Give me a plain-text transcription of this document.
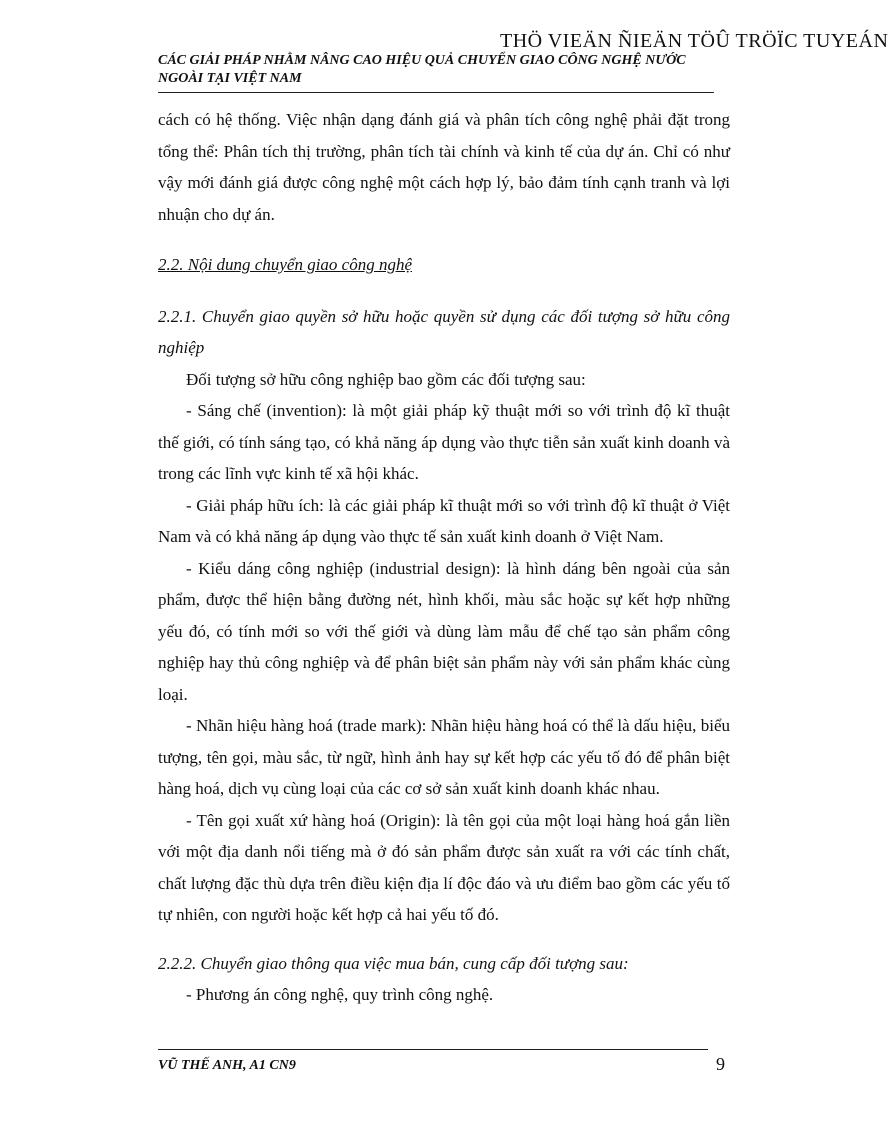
THÖ VIEÄN ÑIEÄN TÖÛ TRÖÏC TUYEÁN
CÁC GIẢI PHÁP NHẰM NÂNG CAO HIỆU QUẢ CHUYỂN GIAO CÔNG NGHỆ NƯỚC
NGOÀI TẠI VIỆT NAM

cách có hệ thống. Việc nhận dạng đánh giá và phân tích công nghệ phải đặt trong tổng thể: Phân tích thị trường, phân tích tài chính và kinh tế của dự án. Chỉ có như vậy mới đánh giá được công nghệ một cách hợp lý, bảo đảm tính cạnh tranh và lợi nhuận cho dự án.

2.2. Nội dung chuyển giao công nghệ

2.2.1. Chuyển giao quyền sở hữu hoặc quyền sử dụng các đối tượng sở hữu công nghiệp

Đối tượng sở hữu công nghiệp bao gồm các đối tượng sau:

- Sáng chế (invention): là một giải pháp kỹ thuật mới so với trình độ kĩ thuật thế giới, có tính sáng tạo, có khả năng áp dụng vào thực tiễn sản xuất kinh doanh và trong các lĩnh vực kinh tế xã hội khác.

- Giải pháp hữu ích: là các giải pháp kĩ thuật mới so với trình độ kĩ thuật ở Việt Nam và có khả năng áp dụng vào thực tế sản xuất kinh doanh ở Việt Nam.

- Kiểu dáng công nghiệp (industrial design): là hình dáng bên ngoài của sản phẩm, được thể hiện bằng đường nét, hình khối, màu sắc hoặc sự kết hợp những yếu đó, có tính mới so với thế giới và dùng làm mẫu để chế tạo sản phẩm công nghiệp hay thủ công nghiệp và để phân biệt sản phẩm này với sản phẩm khác cùng loại.

- Nhãn hiệu hàng hoá (trade mark): Nhãn hiệu hàng hoá có thể là dấu hiệu, biểu tượng, tên gọi, màu sắc, từ ngữ, hình ảnh hay sự kết hợp các yếu tố đó để phân biệt hàng hoá, dịch vụ cùng loại của các cơ sở sản xuất kinh doanh khác nhau.

- Tên gọi xuất xứ hàng hoá (Origin): là tên gọi của một loại hàng hoá gắn liền với một địa danh nổi tiếng mà ở đó sản phẩm được sản xuất ra với các tính chất, chất lượng đặc thù dựa trên điều kiện địa lí độc đáo và ưu điểm bao gồm các yếu tố tự nhiên, con người hoặc kết hợp cả hai yếu tố đó.

2.2.2. Chuyển giao thông qua việc mua bán, cung cấp đối tượng sau:

- Phương án công nghệ, quy trình công nghệ.

VŨ THẾ ANH, A1 CN9	9
